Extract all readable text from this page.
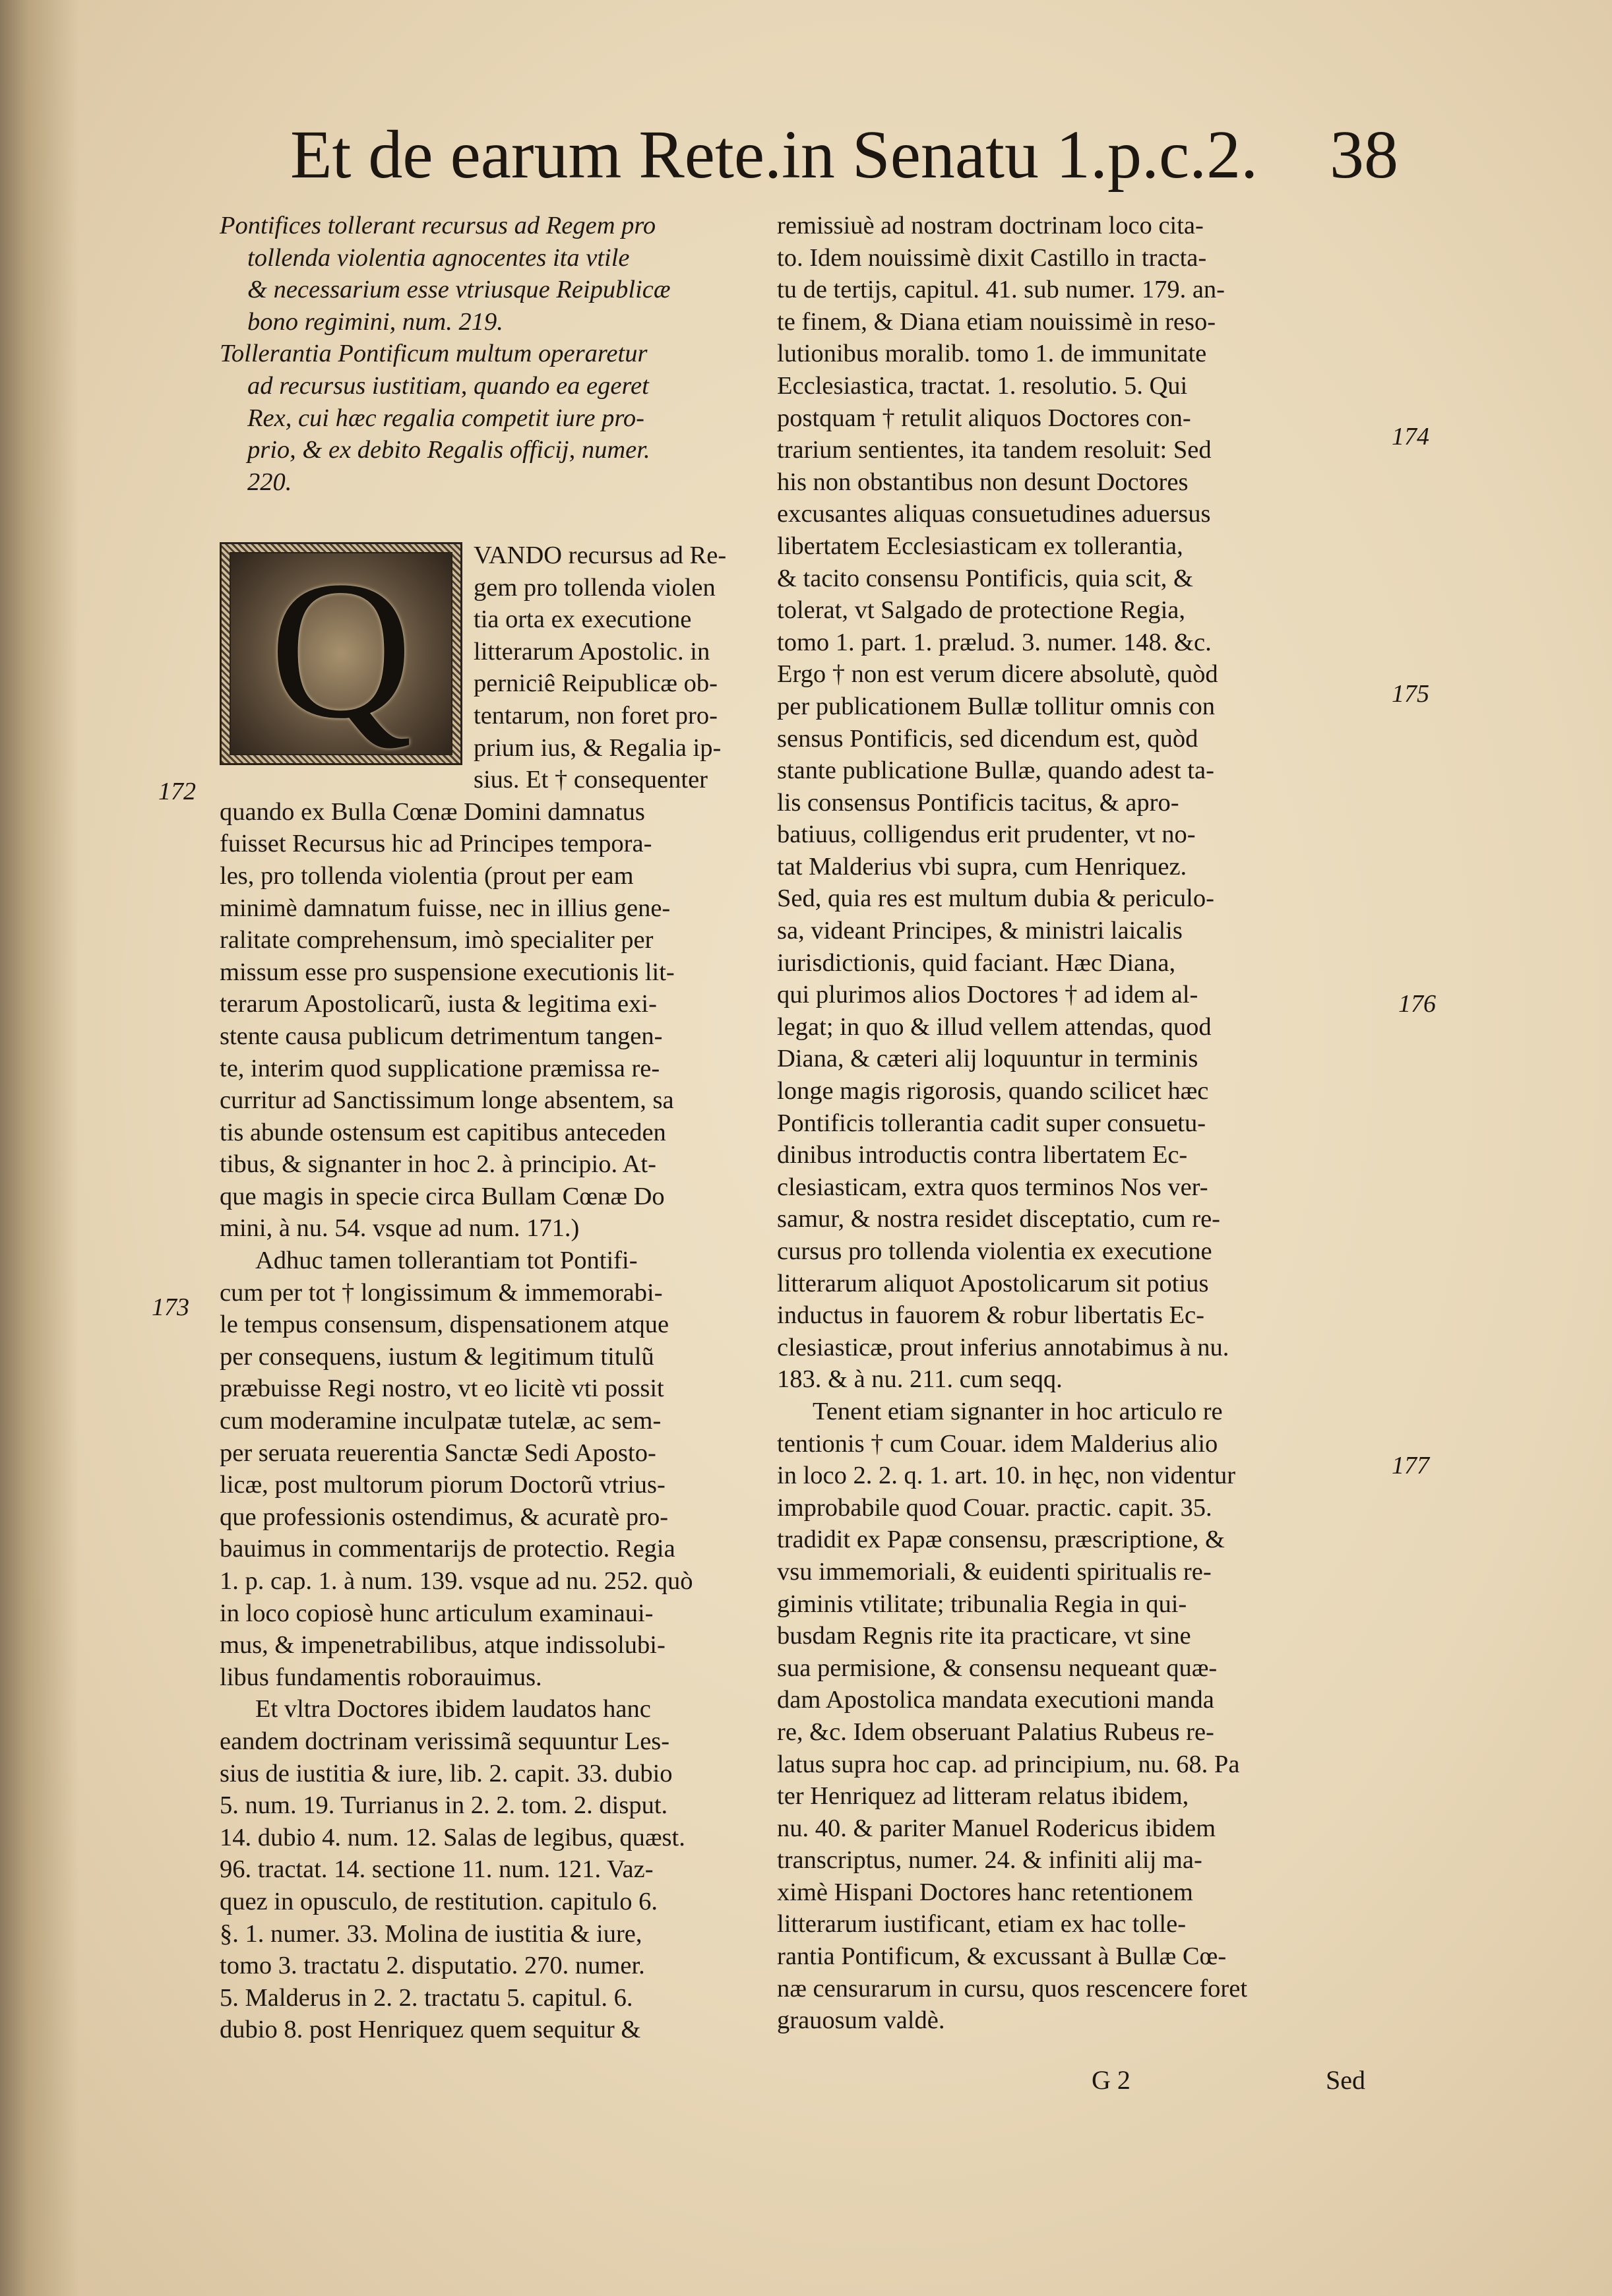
Et de earum Rete.in Senatu 1.p.c.2. 38
Pontifices tollerant recursus ad Regem pro
tollenda violentia agnocentes ita vtile
& necessarium esse vtriusque Reipublicæ
bono regimini, num. 219.
Tollerantia Pontificum multum operaretur
ad recursus iustitiam, quando ea egeret
Rex, cui hæc regalia competit iure pro-
prio, & ex debito Regalis officij, numer.
220.
Q	VANDO recursus ad Re-
gem pro tollenda violen
tia orta ex executione
litterarum Apostolic. in
perniciê Reipublicæ ob-
tentarum, non foret pro-
prium ius, & Regalia ip-
sius. Et † consequenter
quando ex Bulla Cœnæ Domini damnatus
fuisset Recursus hic ad Principes tempora-
les, pro tollenda violentia (prout per eam
minimè damnatum fuisse, nec in illius gene-
ralitate comprehensum, imò specialiter per
missum esse pro suspensione executionis lit-
terarum Apostolicarũ, iusta & legitima exi-
stente causa publicum detrimentum tangen-
te, interim quod supplicatione præmissa re-
curritur ad Sanctissimum longe absentem, sa
tis abunde ostensum est capitibus anteceden
tibus, & signanter in hoc 2. à principio. At-
que magis in specie circa Bullam Cœnæ Do
mini, à nu. 54. vsque ad num. 171.)
Adhuc tamen tollerantiam tot Pontifi-
cum per tot † longissimum & immemorabi-
le tempus consensum, dispensationem atque
per consequens, iustum & legitimum titulũ
præbuisse Regi nostro, vt eo licitè vti possit
cum moderamine inculpatæ tutelæ, ac sem-
per seruata reuerentia Sanctæ Sedi Aposto-
licæ, post multorum piorum Doctorũ vtrius-
que professionis ostendimus, & acuratè pro-
bauimus in commentarijs de protectio. Regia
1. p. cap. 1. à num. 139. vsque ad nu. 252. quò
in loco copiosè hunc articulum examinaui-
mus, & impenetrabilibus, atque indissolubi-
libus fundamentis roborauimus.
Et vltra Doctores ibidem laudatos hanc
eandem doctrinam verissimã sequuntur Les-
sius de iustitia & iure, lib. 2. capit. 33. dubio
5. num. 19. Turrianus in 2. 2. tom. 2. disput.
14. dubio 4. num. 12. Salas de legibus, quæst.
96. tractat. 14. sectione 11. num. 121. Vaz-
quez in opusculo, de restitution. capitulo 6.
§. 1. numer. 33. Molina de iustitia & iure,
tomo 3. tractatu 2. disputatio. 270. numer.
5. Malderus in 2. 2. tractatu 5. capitul. 6.
dubio 8. post Henriquez quem sequitur &
remissiuè ad nostram doctrinam loco cita-
to. Idem nouissimè dixit Castillo in tracta-
tu de tertijs, capitul. 41. sub numer. 179. an-
te finem, & Diana etiam nouissimè in reso-
lutionibus moralib. tomo 1. de immunitate
Ecclesiastica, tractat. 1. resolutio. 5. Qui
postquam † retulit aliquos Doctores con-
trarium sentientes, ita tandem resoluit: Sed
his non obstantibus non desunt Doctores
excusantes aliquas consuetudines aduersus
libertatem Ecclesiasticam ex tollerantia,
& tacito consensu Pontificis, quia scit, &
tolerat, vt Salgado de protectione Regia,
tomo 1. part. 1. prælud. 3. numer. 148. &c.
Ergo † non est verum dicere absolutè, quòd
per publicationem Bullæ tollitur omnis con
sensus Pontificis, sed dicendum est, quòd
stante publicatione Bullæ, quando adest ta-
lis consensus Pontificis tacitus, & apro-
batiuus, colligendus erit prudenter, vt no-
tat Malderius vbi supra, cum Henriquez.
Sed, quia res est multum dubia & periculo-
sa, videant Principes, & ministri laicalis
iurisdictionis, quid faciant. Hæc Diana,
qui plurimos alios Doctores † ad idem al-
legat; in quo & illud vellem attendas, quod
Diana, & cæteri alij loquuntur in terminis
longe magis rigorosis, quando scilicet hæc
Pontificis tollerantia cadit super consuetu-
dinibus introductis contra libertatem Ec-
clesiasticam, extra quos terminos Nos ver-
samur, & nostra residet disceptatio, cum re-
cursus pro tollenda violentia ex executione
litterarum aliquot Apostolicarum sit potius
inductus in fauorem & robur libertatis Ec-
clesiasticæ, prout inferius annotabimus à nu.
183. & à nu. 211. cum seqq.
Tenent etiam signanter in hoc articulo re
tentionis † cum Couar. idem Malderius alio
in loco 2. 2. q. 1. art. 10. in hęc, non videntur
improbabile quod Couar. practic. capit. 35.
tradidit ex Papæ consensu, præscriptione, &
vsu immemoriali, & euidenti spiritualis re-
giminis vtilitate; tribunalia Regia in qui-
busdam Regnis rite ita practicare, vt sine
sua permisione, & consensu nequeant quæ-
dam Apostolica mandata executioni manda
re, &c. Idem obseruant Palatius Rubeus re-
latus supra hoc cap. ad principium, nu. 68. Pa
ter Henriquez ad litteram relatus ibidem,
nu. 40. & pariter Manuel Rodericus ibidem
transcriptus, numer. 24. & infiniti alij ma-
ximè Hispani Doctores hanc retentionem
litterarum iustificant, etiam ex hac tolle-
rantia Pontificum, & excussant à Bullæ Cœ-
næ censurarum in cursu, quos rescencere foret
grauosum valdè.
172
173
174
175
176
177
G 2	Sed
